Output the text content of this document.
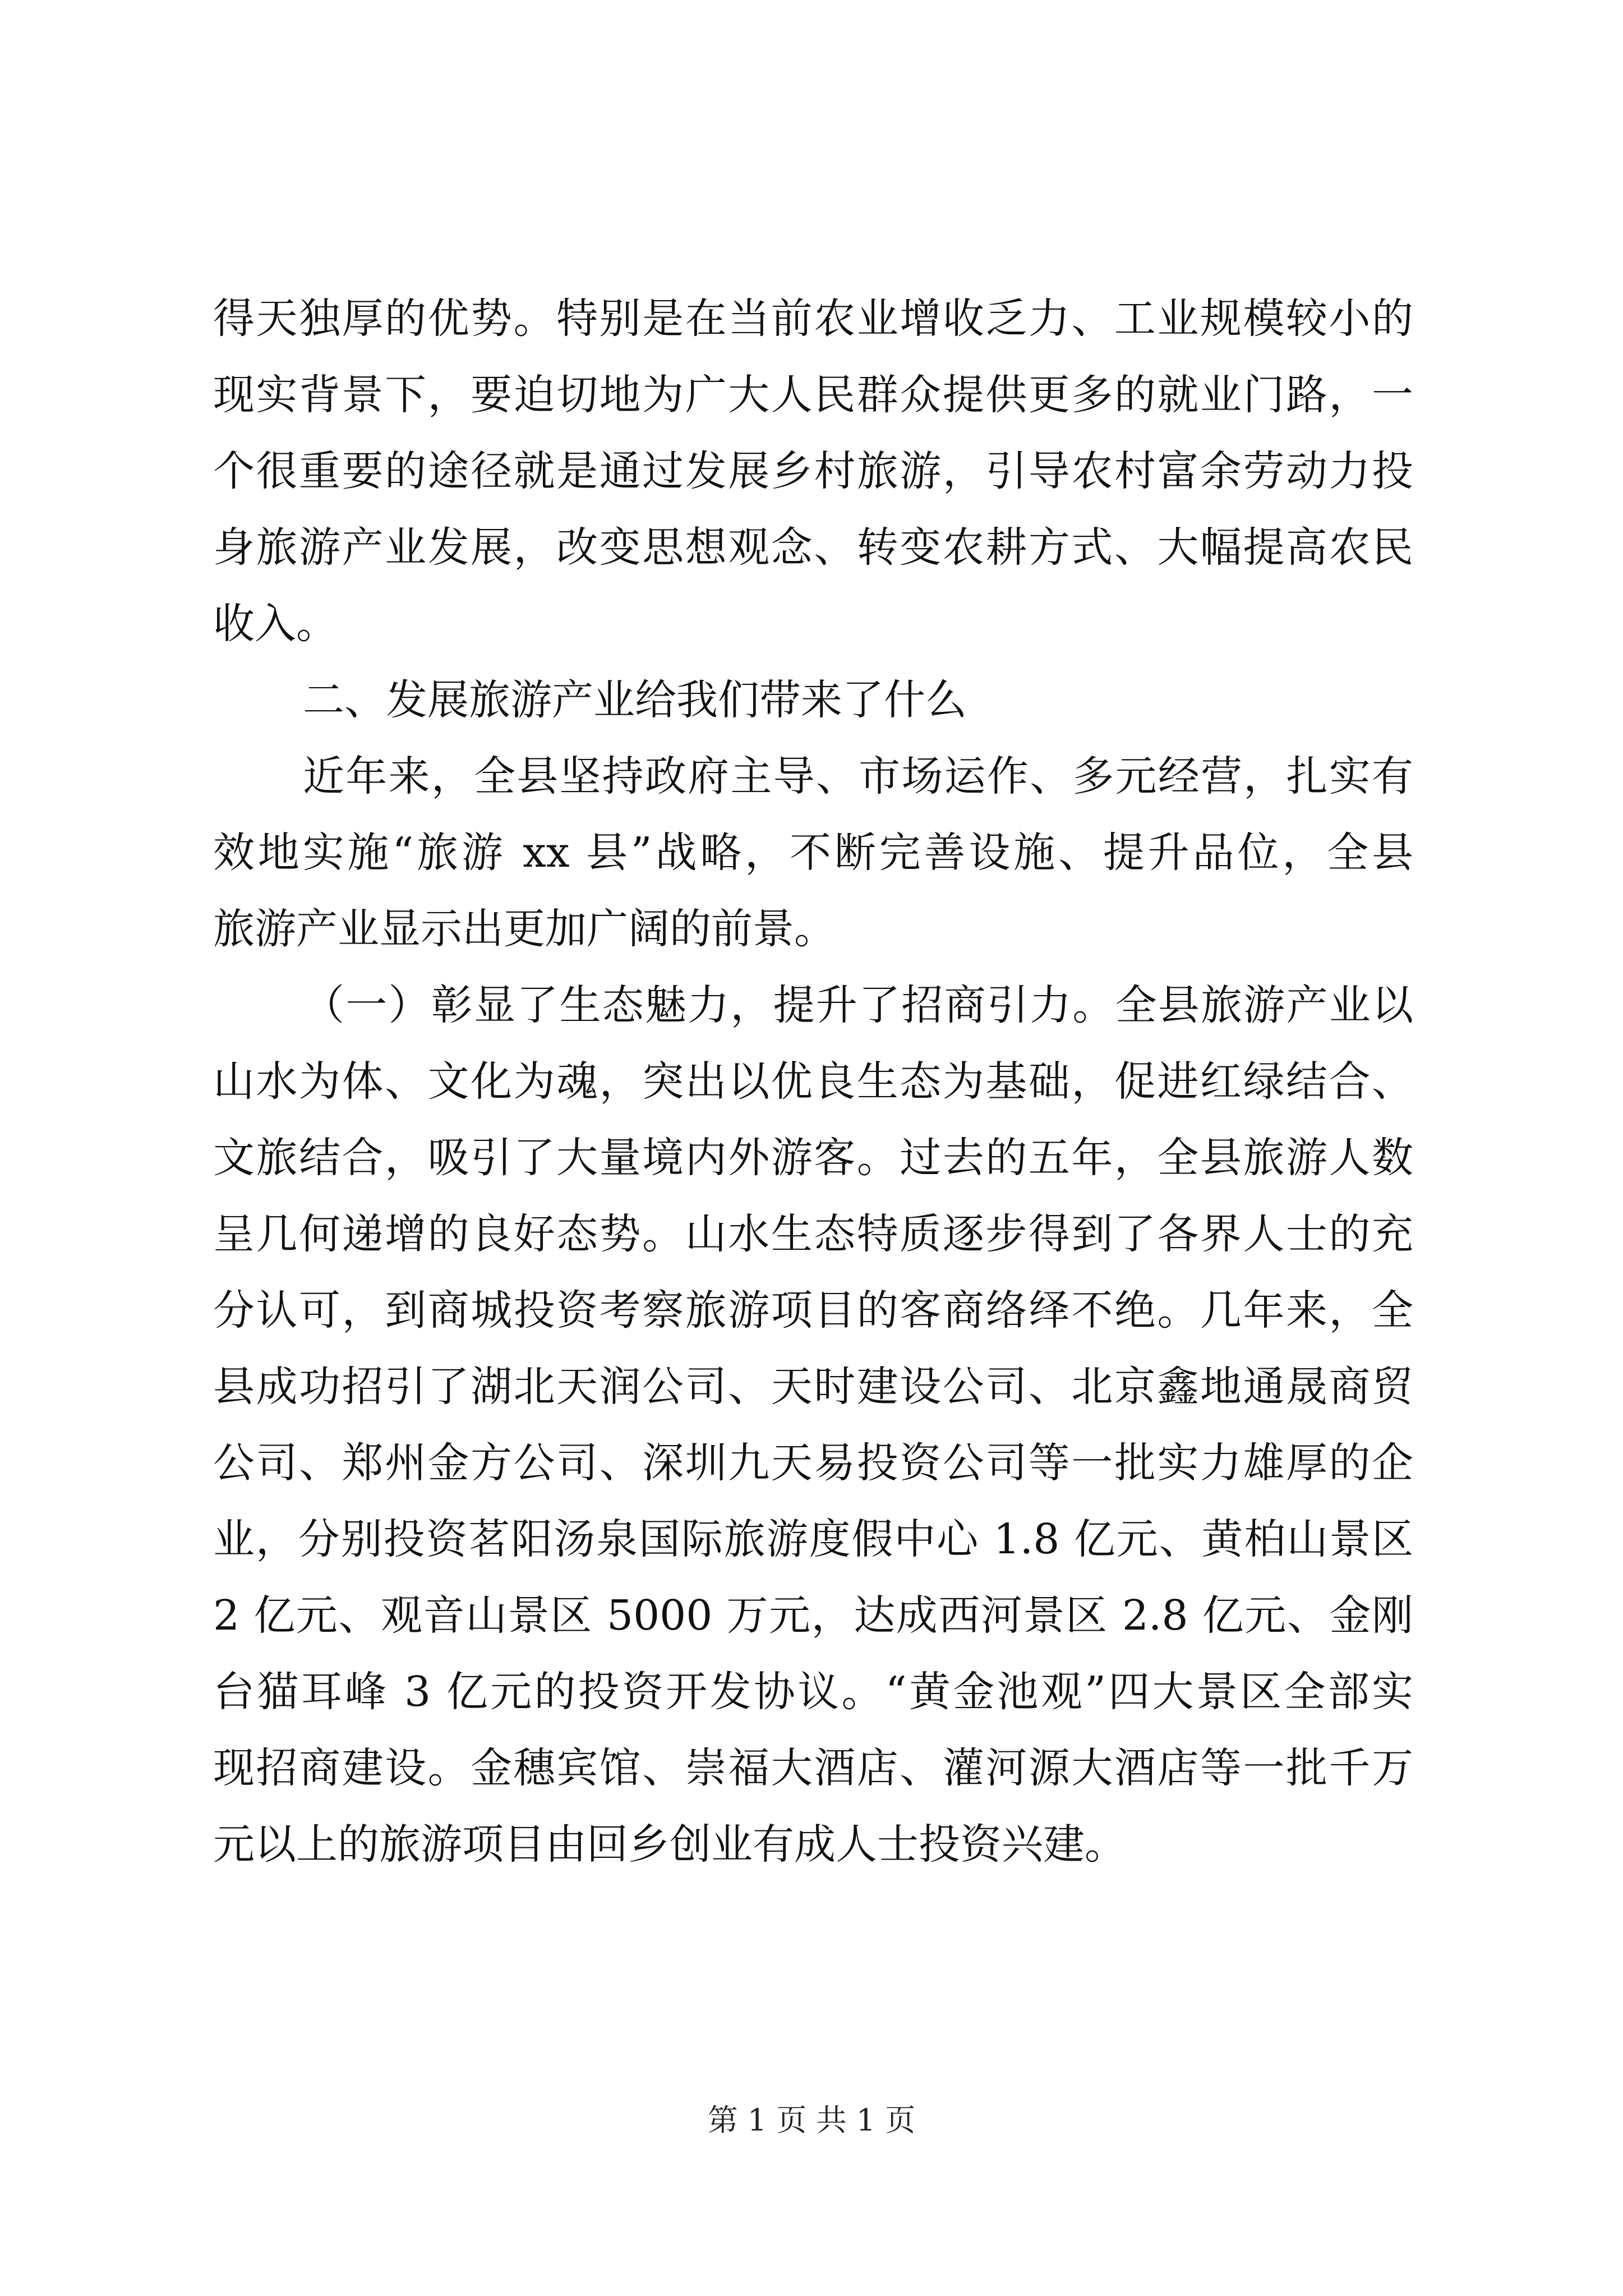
得天独厚的优势。特别是在当前农业增收乏力、工业规模较小的
现实背景下，要迫切地为广大人民群众提供更多的就业门路，一
个很重要的途径就是通过发展乡村旅游，引导农村富余劳动力投
身旅游产业发展，改变思想观念、转变农耕方式、大幅提高农民
收入。
二、发展旅游产业给我们带来了什么
近年来，全县坚持政府主导、市场运作、多元经营，扎实有
效地实施“旅游 xx 县”战略，不断完善设施、提升品位，全县
旅游产业显示出更加广阔的前景。
（一）彰显了生态魅力，提升了招商引力。全县旅游产业以
山水为体、文化为魂，突出以优良生态为基础，促进红绿结合、
文旅结合，吸引了大量境内外游客。过去的五年，全县旅游人数
呈几何递增的良好态势。山水生态特质逐步得到了各界人士的充
分认可，到商城投资考察旅游项目的客商络绎不绝。几年来，全
县成功招引了湖北天润公司、天时建设公司、北京鑫地通晟商贸
公司、郑州金方公司、深圳九天易投资公司等一批实力雄厚的企
业，分别投资茗阳汤泉国际旅游度假中心 1.8 亿元、黄柏山景区
2 亿元、观音山景区 5000 万元，达成西河景区 2.8 亿元、金刚
台猫耳峰 3 亿元的投资开发协议。“黄金池观”四大景区全部实
现招商建设。金穗宾馆、崇福大酒店、灌河源大酒店等一批千万
元以上的旅游项目由回乡创业有成人士投资兴建。
第 1 页 共 1 页
